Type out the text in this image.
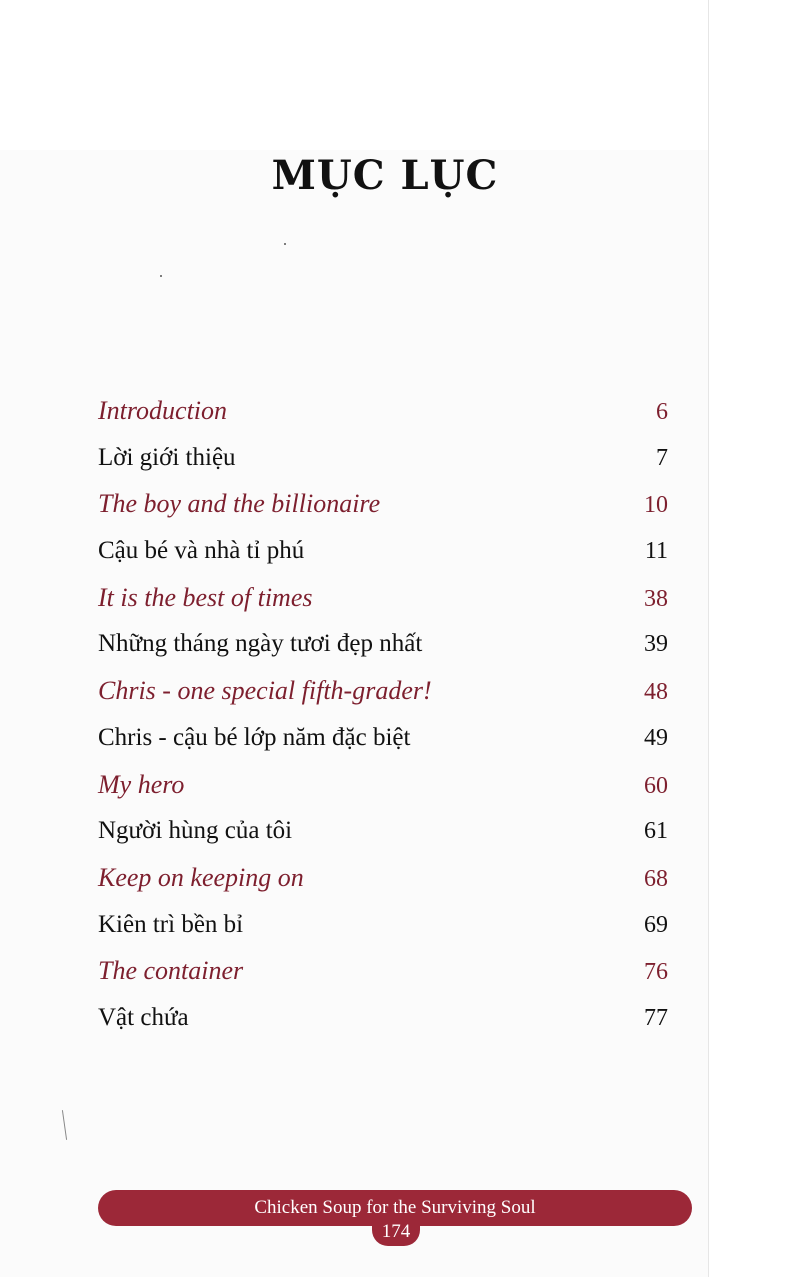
MỤC LỤC
Introduction	6
Lời giới thiệu	7
The boy and the billionaire	10
Cậu bé và nhà tỉ phú	11
It is the best of times	38
Những tháng ngày tươi đẹp nhất	39
Chris - one special fifth-grader!	48
Chris - cậu bé lớp năm đặc biệt	49
My hero	60
Người hùng của tôi	61
Keep on keeping on	68
Kiên trì bền bỉ	69
The container	76
Vật chứa	77
Chicken Soup for the Surviving Soul
174
